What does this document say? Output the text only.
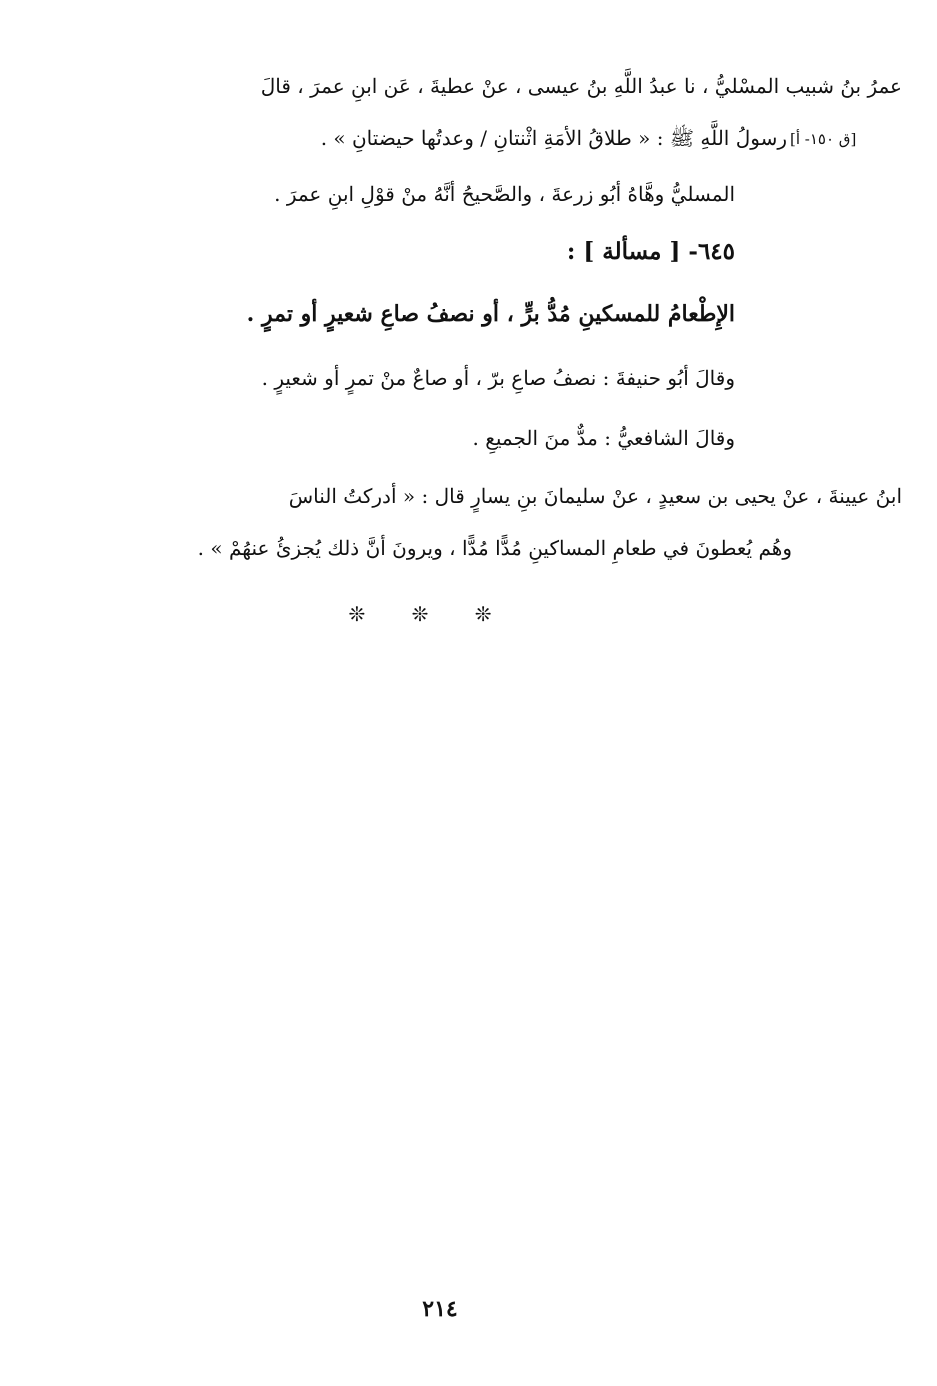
عمرُ بنُ شبيب المسْليُّ ، نا عبدُ اللَّهِ بنُ عيسى ، عنْ عطيةَ ، عَن ابنِ عمرَ ، قالَ
[ق ١٥٠- أ]
رسولُ اللَّهِ ﷺ : « طلاقُ الأمَةِ اثْنتانِ / وعدتُها حيضتانِ » .
المسليُّ وهَّاهُ أبُو زرعةَ ، والصَّحيحُ أنَّهُ منْ قوْلِ ابنِ عمرَ .
٦٤٥- [ مسألة ] :
الإِطْعامُ للمسكينِ مُدُّ برٍّ ، أو نصفُ صاعِ شعيرٍ أو تمرٍ .
وقالَ أبُو حنيفةَ : نصفُ صاعِ برّ ، أو صاعٌ منْ تمرٍ أو شعيرٍ .
وقالَ الشافعيُّ : مدٌّ منَ الجميعِ .
ابنُ عيينةَ ، عنْ يحيى بن سعيدٍ ، عنْ سليمانَ بنِ يسارٍ قال : « أدركتُ الناسَ
وهُم يُعطونَ في طعامِ المساكينِ مُدًّا مُدًّا ، ويرونَ أنَّ ذلك يُجزئُ عنهُمْ » .
❊ ❊ ❊
٢١٤
